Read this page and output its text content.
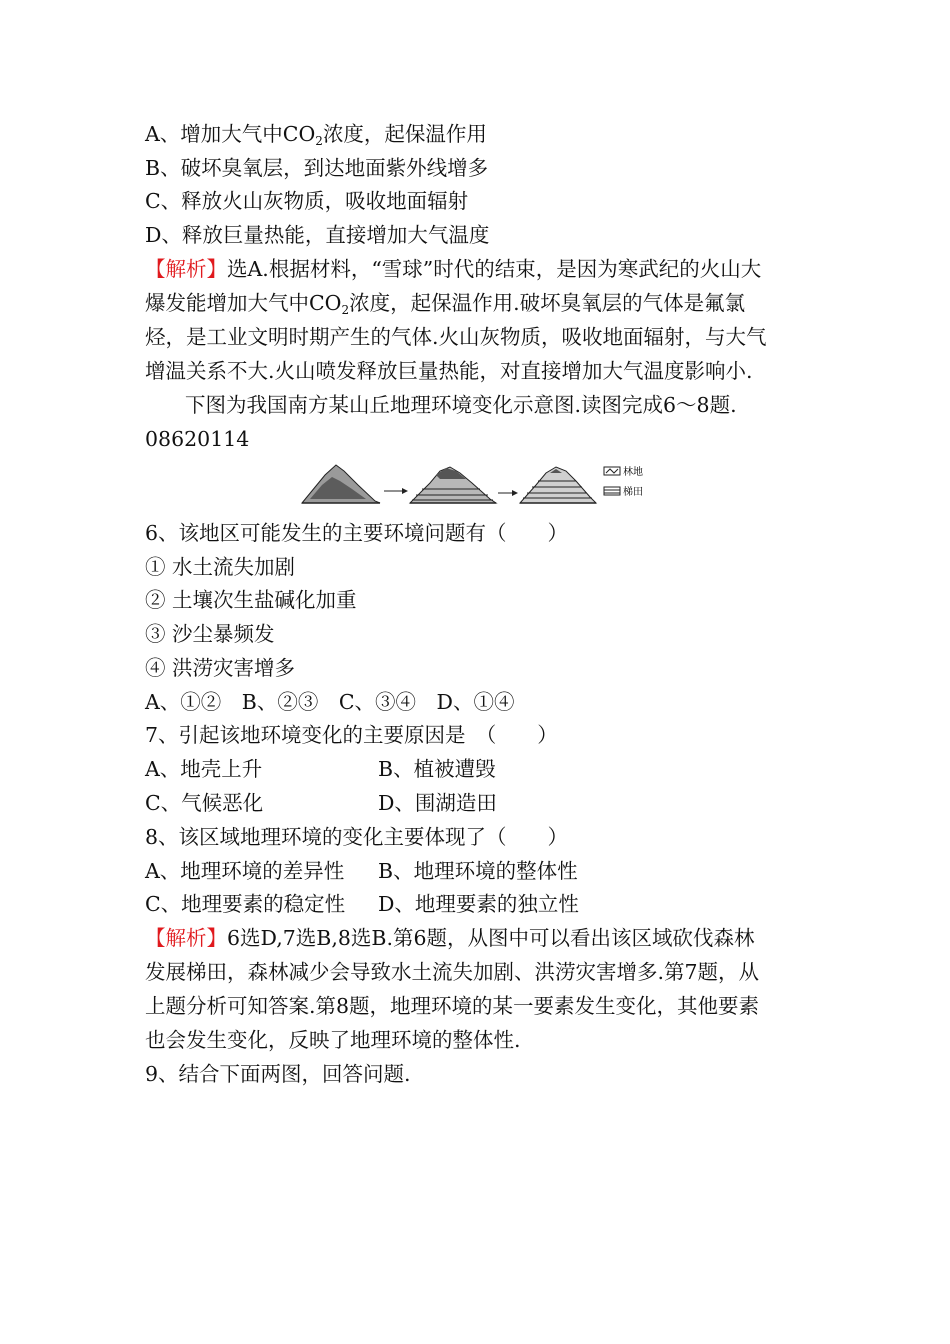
A、增加大气中$CO_2$浓度，起保温作用
B、破坏臭氧层，到达地面紫外线增多
C、释放火山灰物质，吸收地面辐射
D、释放巨量热能，直接增加大气温度
【解析】选A.根据材料，“雪球”时代的结束，是因为寒武纪的火山大
爆发能增加大气中$CO_2$浓度，起保温作用.破坏臭氧层的气体是氟氯
烃，是工业文明时期产生的气体.火山灰物质，吸收地面辐射，与大气
增温关系不大.火山喷发释放巨量热能，对直接增加大气温度影响小.
下图为我国南方某山丘地理环境变化示意图.读图完成6～8题.
08620114
林地
梯田
6、该地区可能发生的主要环境问题有（　　）
① 水土流失加剧
② 土壤次生盐碱化加重
③ 沙尘暴频发
④ 洪涝灾害增多
A、①②　B、②③　C、③④　D、①④
7、引起该地环境变化的主要原因是　（　　）
A、地壳上升	B、植被遭毁
C、气候恶化	D、围湖造田
8、该区域地理环境的变化主要体现了（　　）
A、地理环境的差异性 B、地理环境的整体性
C、地理要素的稳定性 D、地理要素的独立性
【解析】6选D,7选B,8选B.第6题，从图中可以看出该区域砍伐森林
发展梯田，森林减少会导致水土流失加剧、洪涝灾害增多.第7题，从
上题分析可知答案.第8题，地理环境的某一要素发生变化，其他要素
也会发生变化，反映了地理环境的整体性.
9、结合下面两图，回答问题.
